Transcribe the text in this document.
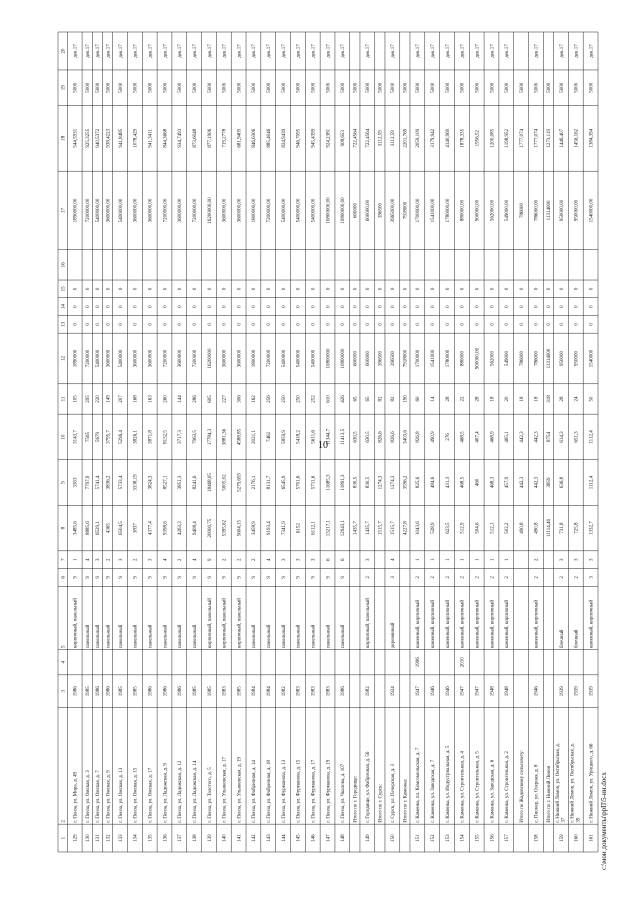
10
c:\мои документы\ррП\5-ин.docx
1
2
3
4
5
6
7
8
9
10
11
12
13
14
15
16
17
18
19
20
129
г. Пенза, ул. Мира, д. 49
1986
кирпичный, панельный
9
1
3485,6
3303
3143,7
105
1890000
0
0
0
1890000,00
544,5931
5000
дек.17
130
г. Пенза, ул. Омская, д. 3
1985
панельный
9
4
8885,6
7797,9
7565
295
7200000
0
0
0
7200000,00
925,3255
5000
дек.17
131
г. Пенза, ул. Омская, д. 7
1986
панельный
9
3
6529,1
5741,4
5679
220
5400000
0
0
0
5400000,00
940,5372
5000
дек.17
132
г. Пенза, ул. Омская, д. 9
1986
панельный
9
2
4365
3836,2
3795,7
149
3600000
0
0
0
3600000,00
938,4223
5000
дек.17
133
г. Пенза, ул. Омская, д. 13
1985
панельный
9
3
6504,5
5733,4
5296,4
207
5400000
0
0
0
5400000,00
941,8485
5000
дек.17
134
г. Пенза, ул. Омская, д. 15
1985
панельный
9
2
3837
3338,19
3826,1
168
3600000
0
0
0
3600000,00
1078,429
5000
дек.17
135
г. Пенза, ул. Омская, д. 17
1986
панельный
9
3
4377,4
3824,3
3871,8
163
3600000
0
0
0
3600000,00
941,3411
5000
дек.17
136
г. Пенза, ул. Ладожская, д. 9
1986
панельный
9
4
9398,6
8527,1
8132,5
260
7200000
0
0
0
7200000,00
844,3668
5000
дек.17
137
г. Пенза, ул. Ладожская, д. 12
1986
панельный
9
2
4263,3
3851,3
3717,3
144
3600000
0
0
0
3600000,00
934,7493
5000
дек.17
138
г. Пенза, ул. Ладожская, д. 14
1985
панельный
9
4
9408,4
8241,6
7963,5
286
7200000
0
0
0
7200000,00
873,6048
5000
дек.17
139
г. Пенза, ул. Толстого, д. 5
1985
кирпичный, панельный
9
9
20000,75
18468,05
17784,3
605
16200000
0
0
0
16200000,00
877,1906
5000
дек.17
140
г. Пенза, ул. Ульяновская, д. 17
1983
кирпичный, панельный
9
2
5395,62
5005,02
3881,36
227
3600000
0
0
0
3600000,00
719,2778
5000
дек.17
141
г. Пенза, ул. Ульяновская, д. 19
1985
кирпичный, панельный
9
2
5604,15
5279,659
4588,85
306
3600000
0
0
0
3600000,00
681,9409
5000
дек.17
142
г. Пенза, ул. Фабричная, д. 14
1984
панельный
9
2
3458,9
2176,1
2021,1
162
1800000
0
0
0
1800000,00
846,6306
5000
дек.17
143
г. Пенза, ул. Фабричная, д. 18
1984
панельный
9
4
9193,4
8131,7
7462
256
7200000
0
0
0
7200000,00
885,4046
5000
дек.17
144
г. Пенза, ул. Фурманова, д. 13
1982
панельный
9
3
7341,9
6545,9
5859,9
250
5400000
0
0
0
5400000,00
824,9439
5000
дек.17
145
г. Пенза, ул. Фурманова, д. 15
1983
панельный
9
3
6152
5701,6
5418,2
250
5400000
0
0
0
5400000,00
946,7095
5000
дек.17
146
г. Пенза, ул. Фурманова, д. 17
1983
панельный
9
3
6112,1
5711,6
5611,6
252
5400000
0
0
0
5400000,00
945,4399
5000
дек.17
147
г. Пенза, ул. Фурманова, д. 19
1983
панельный
9
6
13217,1
11685,3
11344,7
610
10800000
0
0
0
10800000,00
924,2381
5000
дек.17
148
г. Пенза, ул. Чкалова, д. 107
1986
панельный
9
6
12943,1
11891,3
11413,5
426
10800000
0
0
0
10800000,00
908,653
5000
дек.17
Итого по г. Городище:
1435,7
830,5
630,5
65
600000
0
0
0
600000
722,4564
5000
149
г. Городище, ул. Фабричная, д. 56
1982
кирпичный, панельный
2
3
1435,7
830,5
630,5
65
600000
0
0
0
600000,00
722,4564
5000
дек.17
Итого по г. Сурск:
1515,7
1274,3
826,6
82
396500
0
0
0
396500
3112,59
5000
150
г. Сурск, ул. Печерская, д. 3
1924
деревянный
3
4
1515,7
1274,3
826,6
82
396500
0
0
0
3965000,00
3112,59
5000
дек.17
Итого по г. Каменка:
4227,8
3596,2
3403,6
190
7918000
0
0
0
7918000
2201,769
5000
151
г. Каменка, пл. Комсомольская, д. 7
1947
1996
каменный, кирпичный
2
1
1043,6
825,6
826,8
60
1700000
0
0
0
1700000,00
2059,109
5000
дек.17
152
г. Каменка, ул. Заводская, д. 7
1946
каменный, кирпичный
2
1
528,9
484,6
490,9
14
1541000
0
0
0
1541000,00
3179,942
5000
дек.17
153
г. Каменка, ул. Индустриальная, д. 5
1946
каменный, кирпичный
2
1
623,5
431,3
276
28
1780000
0
0
0
1780000,00
4140,969
5000
дек.17
154
г. Каменка, ул. Строительная, д. 4
1947
2010
каменный, кирпичный
2
1
512,9
468,5
468,5
22
880000
0
0
0
880000,00
1878,335
5000
дек.17
155
г. Каменка, ул. Строительная, д. 5
1947
каменный, кирпичный
2
1
504,6
460
407,4
28
900000,00
0
0
0
900000,00
1956,52
5000
дек.17
156
г. Каменка, ул. Заводская, д. 6
1948
каменный, кирпичный
2
1
512,1
468,3
468,9
18
562000
0
0
0
562000,00
1200,085
5000
дек.17
157
г. Каменка, ул. Строительная, д. 2
1948
каменный, кирпичный
2
1
502,2
457,9
465,1
20
549000
0
0
0
549000,00
1198,952
5000
дек.17
Итого по Жадовскому сельсовету:
490,8
442,3
442,3
18
786000
0
0
0
786000
1777,074
5000
158
с. Пионер, ул. Озерная, д. 8
1946
каменный, кирпичный
2
2
490,8
442,3
442,3
18
786000
0
0
0
786000,00
1777,074
5000
дек.17
Итого по г. Нижний Ломов
11114,46
3859
8754
318
11314000
0
0
0
11314000
1273,119
5000
159
г. Нижний Ломов, ул. Октябрьская, д. 37
1939
блочный
2
3
731,8
636,8
614,3
28
950000
0
0
0
950000,00
1446,407
5000
дек.17
160
г. Нижний Ломов, ул. Октябрьская, д. 39
1939
блочный
2
3
725,8
651,3
24
950000
0
0
0
950000,00
1456,162
5000
дек.17
161
г. Нижний Ломов, ул. Урицкого, д. 66
1939
каменный, кирпичный
3
3
1332,7
1112,4
1112,4
50
1540000
0
0
0
1540000,00
1384,394
5000
дек.17
